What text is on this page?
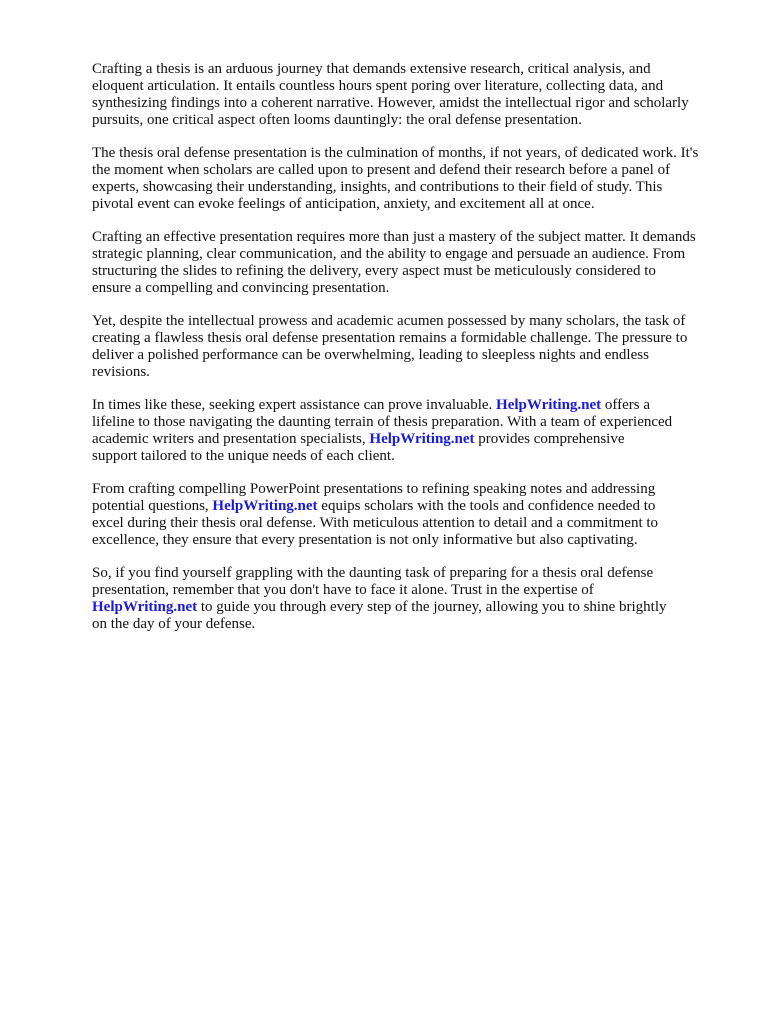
Crafting a thesis is an arduous journey that demands extensive research, critical analysis, and
eloquent articulation. It entails countless hours spent poring over literature, collecting data, and
synthesizing findings into a coherent narrative. However, amidst the intellectual rigor and scholarly
pursuits, one critical aspect often looms dauntingly: the oral defense presentation.

The thesis oral defense presentation is the culmination of months, if not years, of dedicated work. It's
the moment when scholars are called upon to present and defend their research before a panel of
experts, showcasing their understanding, insights, and contributions to their field of study. This
pivotal event can evoke feelings of anticipation, anxiety, and excitement all at once.

Crafting an effective presentation requires more than just a mastery of the subject matter. It demands
strategic planning, clear communication, and the ability to engage and persuade an audience. From
structuring the slides to refining the delivery, every aspect must be meticulously considered to
ensure a compelling and convincing presentation.

Yet, despite the intellectual prowess and academic acumen possessed by many scholars, the task of
creating a flawless thesis oral defense presentation remains a formidable challenge. The pressure to
deliver a polished performance can be overwhelming, leading to sleepless nights and endless
revisions.

In times like these, seeking expert assistance can prove invaluable. HelpWriting.net offers a
lifeline to those navigating the daunting terrain of thesis preparation. With a team of experienced
academic writers and presentation specialists, HelpWriting.net provides comprehensive
support tailored to the unique needs of each client.

From crafting compelling PowerPoint presentations to refining speaking notes and addressing
potential questions, HelpWriting.net equips scholars with the tools and confidence needed to
excel during their thesis oral defense. With meticulous attention to detail and a commitment to
excellence, they ensure that every presentation is not only informative but also captivating.

So, if you find yourself grappling with the daunting task of preparing for a thesis oral defense
presentation, remember that you don't have to face it alone. Trust in the expertise of
HelpWriting.net to guide you through every step of the journey, allowing you to shine brightly
on the day of your defense.
